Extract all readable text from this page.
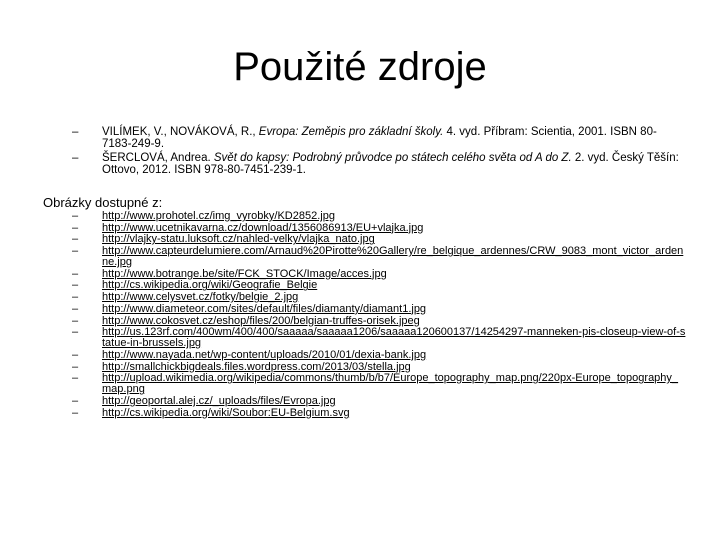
Použité zdroje
– VILÍMEK, V., NOVÁKOVÁ, R., Evropa: Zeměpis pro základní školy. 4. vyd. Příbram: Scientia, 2001. ISBN 80-7183-249-9.
– ŠERCLOVÁ, Andrea. Svět do kapsy: Podrobný průvodce po státech celého světa od A do Z. 2. vyd. Český Těšín: Ottovo, 2012. ISBN 978-80-7451-239-1.

Obrázky dostupné z:

– http://www.prohotel.cz/img_vyrobky/KD2852.jpg
– http://www.ucetnikavarna.cz/download/1356086913/EU+vlajka.jpg
– http://vlajky-statu.luksoft.cz/nahled-velky/vlajka_nato.jpg
– http://www.capteurdelumiere.com/Arnaud%20Pirotte%20Gallery/re_belgique_ardennes/CRW_9083_mont_victor_ardenne.jpg
– http://www.botrange.be/site/FCK_STOCK/Image/acces.jpg
– http://cs.wikipedia.org/wiki/Geografie_Belgie
– http://www.celysvet.cz/fotky/belgie_2.jpg
– http://www.diameteor.com/sites/default/files/diamanty/diamant1.jpg
– http://www.cokosvet.cz/eshop/files/200/belgian-truffes-orisek.jpeg
– http://us.123rf.com/400wm/400/400/saaaaa/saaaaa1206/saaaaa120600137/14254297-manneken-pis-closeup-view-of-statue-in-brussels.jpg
– http://www.nayada.net/wp-content/uploads/2010/01/dexia-bank.jpg
– http://smallchickbigdeals.files.wordpress.com/2013/03/stella.jpg
– http://upload.wikimedia.org/wikipedia/commons/thumb/b/b7/Europe_topography_map.png/220px-Europe_topography_map.png
– http://geoportal.alej.cz/_uploads/files/Evropa.jpg
– http://cs.wikipedia.org/wiki/Soubor:EU-Belgium.svg
